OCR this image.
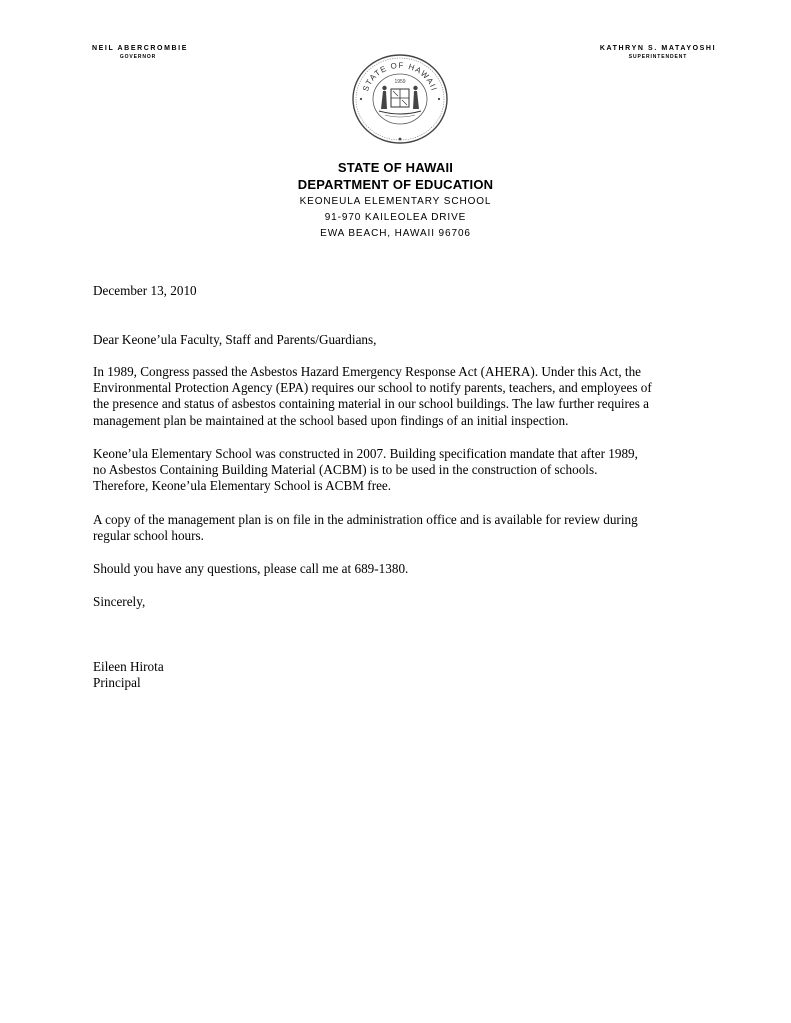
NEIL ABERCROMBIE
GOVERNOR
KATHRYN S. MATAYOSHI
SUPERINTENDENT
STATE OF HAWAII
1959
STATE OF HAWAII
DEPARTMENT OF EDUCATION
KEONEULA ELEMENTARY SCHOOL
91-970 KAILEOLEA DRIVE
EWA BEACH, HAWAII 96706

December 13, 2010

Dear Keone’ula Faculty, Staff and Parents/Guardians,

In 1989, Congress passed the Asbestos Hazard Emergency Response Act (AHERA). Under this Act, the
Environmental Protection Agency (EPA) requires our school to notify parents, teachers, and employees of
the presence and status of asbestos containing material in our school buildings. The law further requires a
management plan be maintained at the school based upon findings of an initial inspection.

Keone’ula Elementary School was constructed in 2007. Building specification mandate that after 1989,
no Asbestos Containing Building Material (ACBM) is to be used in the construction of schools.
Therefore, Keone’ula Elementary School is ACBM free.

A copy of the management plan is on file in the administration office and is available for review during
regular school hours.

Should you have any questions, please call me at 689-1380.

Sincerely,

Eileen Hirota

Principal
